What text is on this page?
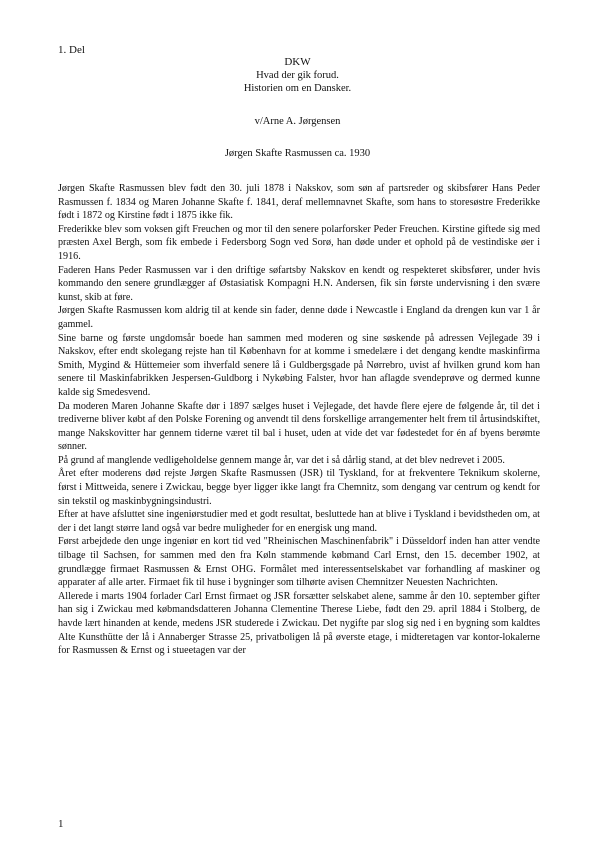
1. Del
DKW
Hvad der gik forud.
Historien om en Dansker.
v/Arne A. Jørgensen
Jørgen Skafte Rasmussen ca. 1930

Jørgen Skafte Rasmussen blev født den 30. juli 1878 i Nakskov, som søn af partsreder og skibsfører Hans Peder Rasmussen f. 1834 og Maren Johanne Skafte f. 1841, deraf mellemnavnet Skafte, som hans to storesøstre Frederikke født i 1872 og Kirstine født i 1875 ikke fik.

Frederikke blev som voksen gift Freuchen og mor til den senere polarforsker Peder Freuchen. Kirstine giftede sig med præsten Axel Bergh, som fik embede i Federsborg Sogn ved Sorø, han døde under et ophold på de vestindiske øer i 1916.

Faderen Hans Peder Rasmussen var i den driftige søfartsby Nakskov en kendt og respekteret skibsfører, under hvis kommando den senere grundlægger af Østasiatisk Kompagni H.N. Andersen, fik sin første undervisning i den svære kunst, skib at føre.

Jørgen Skafte Rasmussen kom aldrig til at kende sin fader, denne døde i Newcastle i England da drengen kun var 1 år gammel.

Sine barne og første ungdomsår boede han sammen med moderen og sine søskende på adressen Vejlegade 39 i Nakskov, efter endt skolegang rejste han til København for at komme i smedelære i det dengang kendte maskinfirma Smith, Mygind & Hüttemeier som ihverfald senere lå i Guldbergsgade på Nørrebro, uvist af hvilken grund kom han senere til Maskinfabrikken Jespersen-Guldborg i Nykøbing Falster, hvor han aflagde svendeprøve og dermed kunne kalde sig Smedesvend.

Da moderen Maren Johanne Skafte dør i 1897 sælges huset i Vejlegade, det havde flere ejere de følgende år, til det i trediverne bliver købt af den Polske Forening og anvendt til dens forskellige arrangementer helt frem til årtusindskiftet, mange Nakskovitter har gennem tiderne været til bal i huset, uden at vide det var fødestedet for én af byens berømte sønner.

På grund af manglende vedligeholdelse gennem mange år, var det i så dårlig stand, at det blev nedrevet i 2005.

Året efter moderens død rejste Jørgen Skafte Rasmussen (JSR) til Tyskland, for at frekventere Teknikum skolerne, først i Mittweida, senere i Zwickau, begge byer ligger ikke langt fra Chemnitz, som dengang var centrum og kendt for sin tekstil og maskinbygningsindustri.

Efter at have afsluttet sine ingeniørstudier med et godt resultat, besluttede han at blive i Tyskland i bevidstheden om, at der i det langt større land også var bedre muligheder for en energisk ung mand.

Først arbejdede den unge ingeniør en kort tid ved "Rheinischen Maschinenfabrik" i Düsseldorf inden han atter vendte tilbage til Sachsen, for sammen med den fra Køln stammende købmand Carl Ernst, den 15. december 1902, at grundlægge firmaet Rasmussen & Ernst OHG. Formålet med interessentselskabet var forhandling af maskiner og apparater af alle arter. Firmaet fik til huse i bygninger som tilhørte avisen Chemnitzer Neuesten Nachrichten.

Allerede i marts 1904 forlader Carl Ernst firmaet og JSR forsætter selskabet alene, samme år den 10. september gifter han sig i Zwickau med købmandsdatteren Johanna Clementine Therese Liebe, født den 29. april 1884 i Stolberg, de havde lært hinanden at kende, medens JSR studerede i Zwickau. Det nygifte par slog sig ned i en bygning som kaldtes Alte Kunsthütte der lå i Annaberger Strasse 25, privatboligen lå på øverste etage, i midteretagen var kontor-lokalerne for Rasmussen & Ernst og i stueetagen var der

1
